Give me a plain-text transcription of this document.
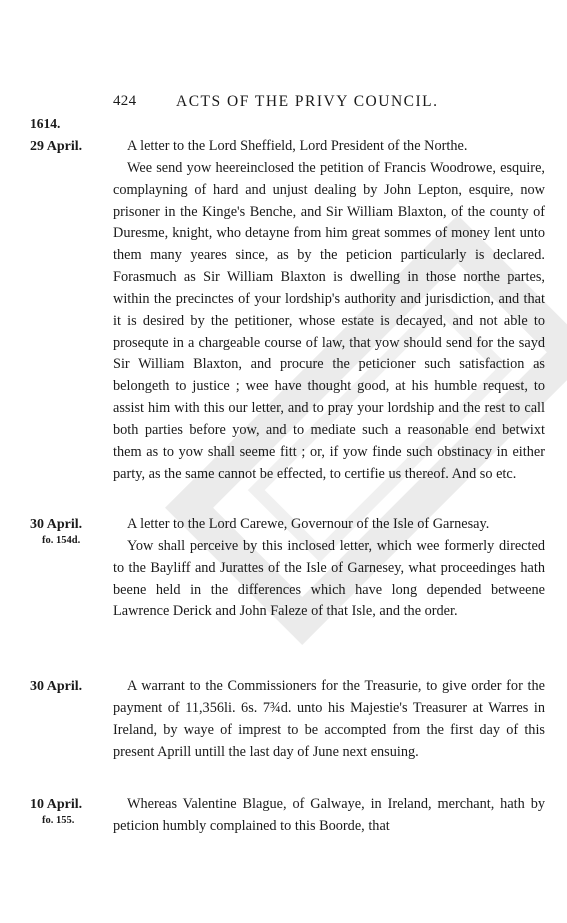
424	ACTS OF THE PRIVY COUNCIL.
1614.
29 April.	A letter to the Lord Sheffield, Lord President of the Northe.

Wee send yow heereinclosed the petition of Francis Woodrowe, esquire, complayning of hard and unjust dealing by John Lepton, esquire, now prisoner in the Kinge's Benche, and Sir William Blaxton, of the county of Duresme, knight, who detayne from him great sommes of money lent unto them many yeares since, as by the peticion particularly is declared. Forasmuch as Sir William Blaxton is dwelling in those northe partes, within the precinctes of your lordship's authority and jurisdiction, and that it is desired by the petitioner, whose estate is decayed, and not able to prosequte in a chargeable course of law, that yow should send for the sayd Sir William Blaxton, and procure the peticioner such satisfaction as belongeth to justice ; wee have thought good, at his humble request, to assist him with this our letter, and to pray your lordship and the rest to call both parties before yow, and to mediate such a reasonable end betwixt them as to yow shall seeme fitt ; or, if yow finde such obstinacy in either party, as the same cannot be effected, to certifie us thereof. And so etc.

30 April.
fo. 154d.

A letter to the Lord Carewe, Governour of the Isle of Garnesay.

Yow shall perceive by this inclosed letter, which wee formerly directed to the Bayliff and Jurattes of the Isle of Garnesey, what proceedinges hath beene held in the differences which have long depended betweene Lawrence Derick and John Faleze of that Isle, and the order.

30 April.	A warrant to the Commissioners for the Treasurie, to give order for the payment of 11,356li. 6s. 7¾d. unto his Majestie's Treasurer at Warres in Ireland, by waye of imprest to be accompted from the first day of this present Aprill untill the last day of June next ensuing.

10 April.
fo. 155.

Whereas Valentine Blague, of Galwaye, in Ireland, merchant, hath by peticion humbly complained to this Boorde, that
